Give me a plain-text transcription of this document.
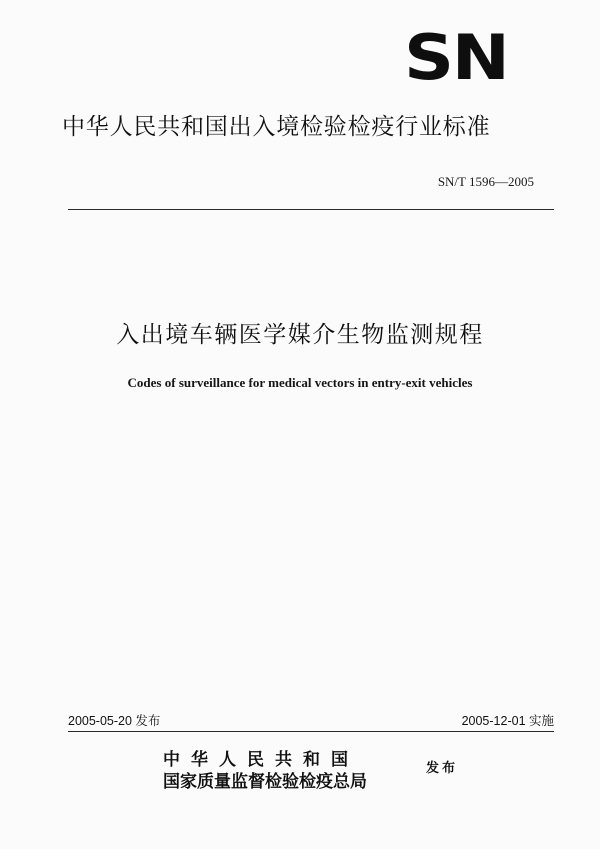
SN
中华人民共和国出入境检验检疫行业标准
SN/T 1596—2005
入出境车辆医学媒介生物监测规程
Codes of surveillance for medical vectors in entry-exit vehicles
2005-05-20 发布	2005-12-01 实施
中华人民共和国
国家质量监督检验检疫总局
发布
